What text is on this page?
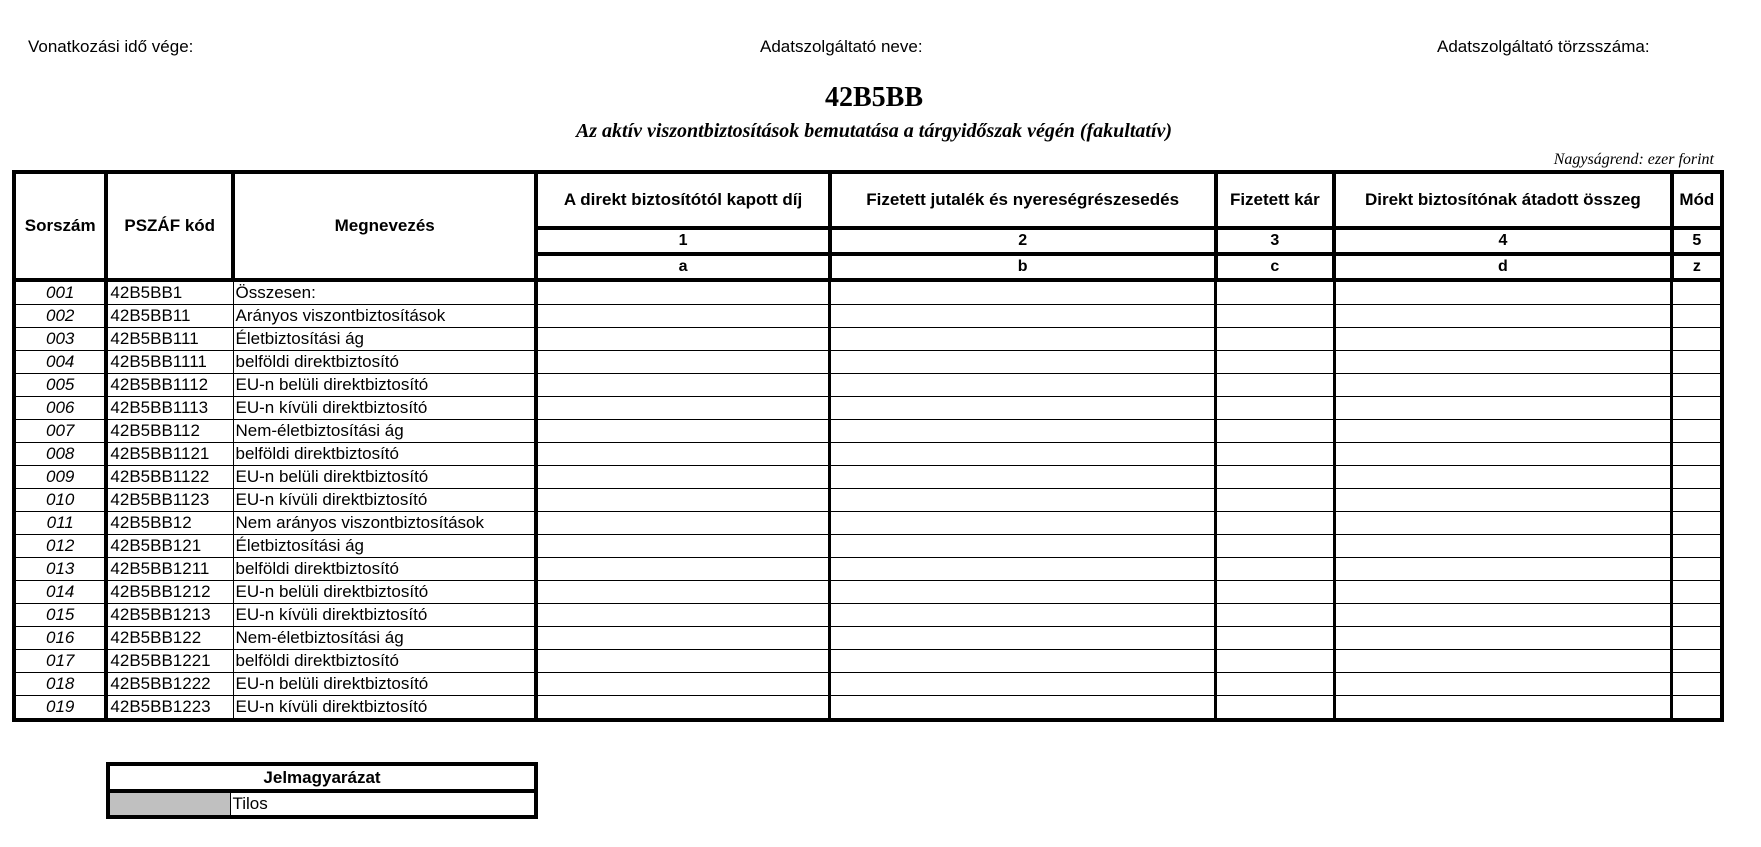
Vonatkozási idő vége:	Adatszolgáltató neve:	Adatszolgáltató törzsszáma:
42B5BB
Az aktív viszontbiztosítások bemutatása a tárgyidőszak végén (fakultatív)
Nagyságrend: ezer forint
Sorszám	PSZÁF kód	Megnevezés	A direkt biztosítótól kapott díj	Fizetett jutalék és nyereségrészesedés	Fizetett kár	Direkt biztosítónak átadott összeg	Mód
			1	2	3	4	5
			a	b	c	d	z
001	42B5BB1	Összesen:					
002	42B5BB11	Arányos viszontbiztosítások					
003	42B5BB111	Életbiztosítási ág					
004	42B5BB1111	belföldi direktbiztosító					
005	42B5BB1112	EU-n belüli direktbiztosító					
006	42B5BB1113	EU-n kívüli direktbiztosító					
007	42B5BB112	Nem-életbiztosítási ág					
008	42B5BB1121	belföldi direktbiztosító					
009	42B5BB1122	EU-n belüli direktbiztosító					
010	42B5BB1123	EU-n kívüli direktbiztosító					
011	42B5BB12	Nem arányos viszontbiztosítások					
012	42B5BB121	Életbiztosítási ág					
013	42B5BB1211	belföldi direktbiztosító					
014	42B5BB1212	EU-n belüli direktbiztosító					
015	42B5BB1213	EU-n kívüli direktbiztosító					
016	42B5BB122	Nem-életbiztosítási ág					
017	42B5BB1221	belföldi direktbiztosító					
018	42B5BB1222	EU-n belüli direktbiztosító					
019	42B5BB1223	EU-n kívüli direktbiztosító					
Jelmagyarázat
	Tilos
